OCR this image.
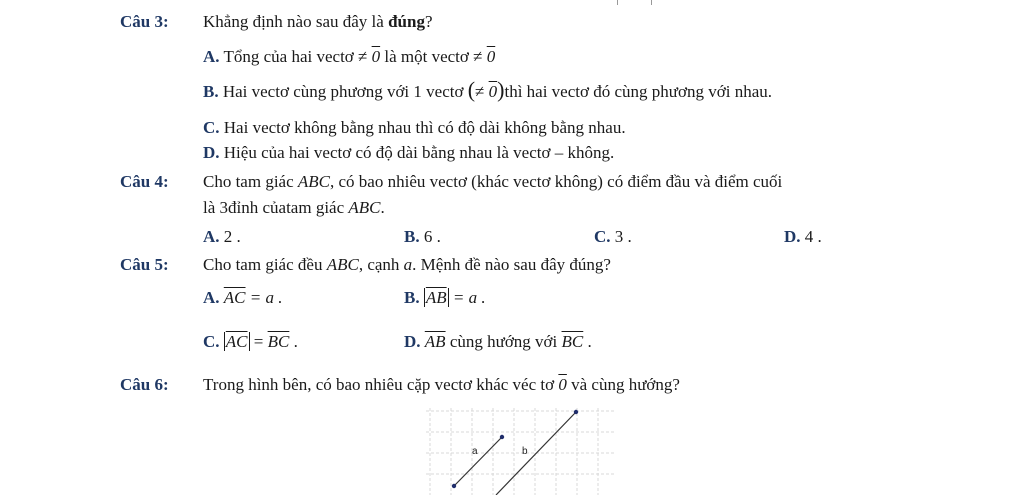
Câu 3: Khẳng định nào sau đây là đúng?
A. Tổng của hai vectơ ≠ 0 là một vectơ ≠ 0
B. Hai vectơ cùng phương với 1 vectơ (≠ 0)thì hai vectơ đó cùng phương với nhau.
C. Hai vectơ không bằng nhau thì có độ dài không bằng nhau.
D. Hiệu của hai vectơ có độ dài bằng nhau là vectơ – không.
Câu 4: Cho tam giác ABC, có bao nhiêu vectơ (khác vectơ không) có điểm đầu và điểm cuối
là 3đỉnh củatam giác ABC.
A. 2 .	B. 6 .	C. 3 .	D. 4 .
Câu 5: Cho tam giác đều ABC, cạnh a. Mệnh đề nào sau đây đúng?
A. $\overline{AC} = a$ .	B. $\overline{AB} = a$ .
C. $\overline{AC} = \overline{BC}$ .	D. $\overline{AB}$ cùng hướng với $\overline{BC}$ .
Câu 6: Trong hình bên, có bao nhiêu cặp vectơ khác véc tơ 0 và cùng hướng?
a	b
